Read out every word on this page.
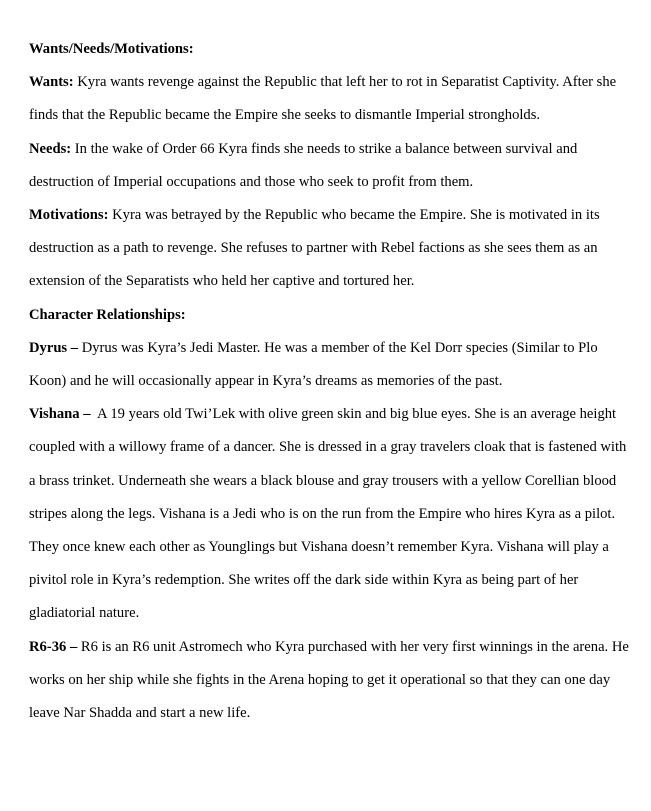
Wants/Needs/Motivations:

Wants: Kyra wants revenge against the Republic that left her to rot in Separatist Captivity. After she

finds that the Republic became the Empire she seeks to dismantle Imperial strongholds.

Needs: In the wake of Order 66 Kyra finds she needs to strike a balance between survival and

destruction of Imperial occupations and those who seek to profit from them.

Motivations: Kyra was betrayed by the Republic who became the Empire. She is motivated in its

destruction as a path to revenge. She refuses to partner with Rebel factions as she sees them as an

extension of the Separatists who held her captive and tortured her.

Character Relationships:

Dyrus – Dyrus was Kyra’s Jedi Master. He was a member of the Kel Dorr species (Similar to Plo

Koon) and he will occasionally appear in Kyra’s dreams as memories of the past.

Vishana –  A 19 years old Twi’Lek with olive green skin and big blue eyes. She is an average height

coupled with a willowy frame of a dancer. She is dressed in a gray travelers cloak that is fastened with

a brass trinket. Underneath she wears a black blouse and gray trousers with a yellow Corellian blood

stripes along the legs. Vishana is a Jedi who is on the run from the Empire who hires Kyra as a pilot.

They once knew each other as Younglings but Vishana doesn’t remember Kyra. Vishana will play a

pivitol role in Kyra’s redemption. She writes off the dark side within Kyra as being part of her

gladiatorial nature.

R6-36 – R6 is an R6 unit Astromech who Kyra purchased with her very first winnings in the arena. He

works on her ship while she fights in the Arena hoping to get it operational so that they can one day

leave Nar Shadda and start a new life.
